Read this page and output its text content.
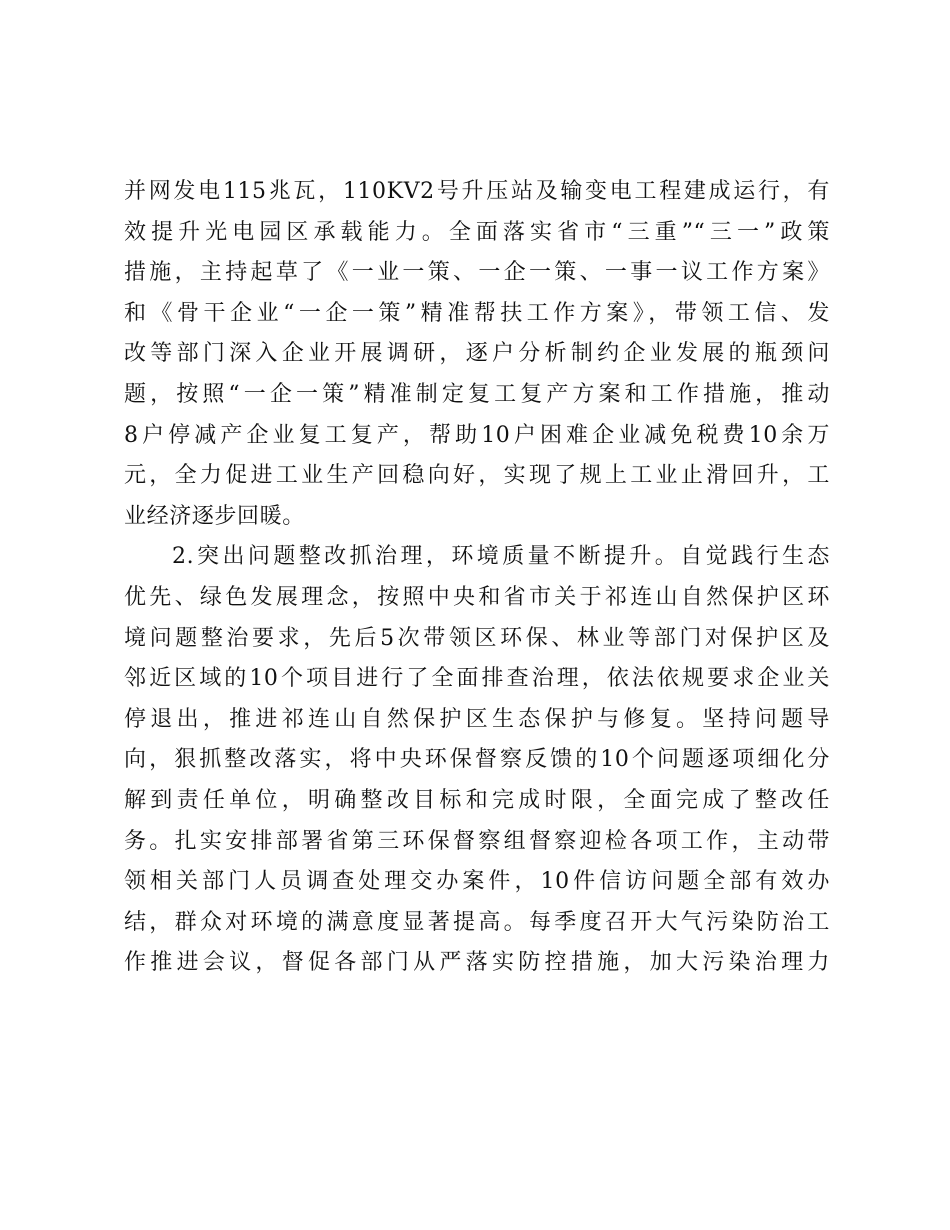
并网发电115兆瓦，110KV2号升压站及输变电工程建成运行，有
效提升光电园区承载能力。全面落实省市“三重”“三一”政策
措施，主持起草了《一业一策、一企一策、一事一议工作方案》
和《骨干企业“一企一策”精准帮扶工作方案》，带领工信、发
改等部门深入企业开展调研，逐户分析制约企业发展的瓶颈问
题，按照“一企一策”精准制定复工复产方案和工作措施，推动
8户停减产企业复工复产，帮助10户困难企业减免税费10余万
元，全力促进工业生产回稳向好，实现了规上工业止滑回升，工
业经济逐步回暖。
2.突出问题整改抓治理，环境质量不断提升。自觉践行生态
优先、绿色发展理念，按照中央和省市关于祁连山自然保护区环
境问题整治要求，先后5次带领区环保、林业等部门对保护区及
邻近区域的10个项目进行了全面排查治理，依法依规要求企业关
停退出，推进祁连山自然保护区生态保护与修复。坚持问题导
向，狠抓整改落实，将中央环保督察反馈的10个问题逐项细化分
解到责任单位，明确整改目标和完成时限，全面完成了整改任
务。扎实安排部署省第三环保督察组督察迎检各项工作，主动带
领相关部门人员调查处理交办案件，10件信访问题全部有效办
结，群众对环境的满意度显著提高。每季度召开大气污染防治工
作推进会议，督促各部门从严落实防控措施，加大污染治理力
